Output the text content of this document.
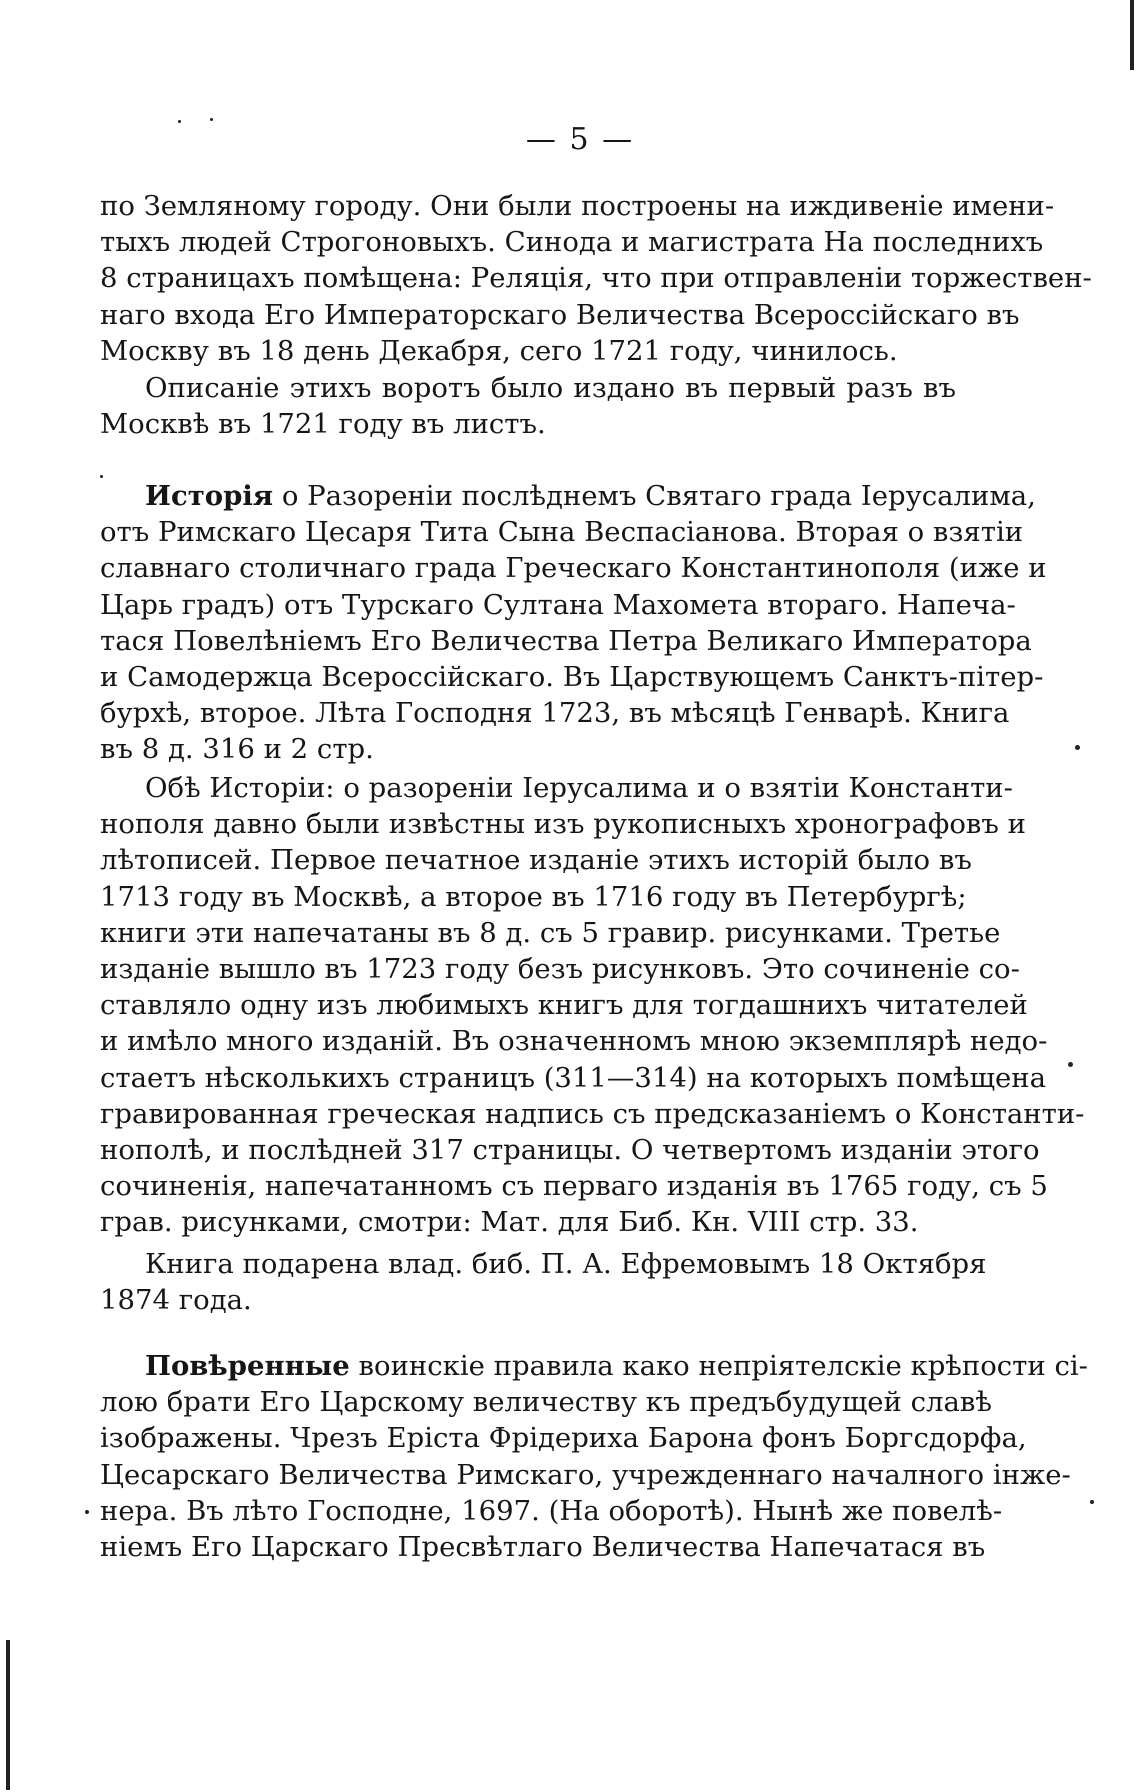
— 5 —
по Земляному городу. Они были построены на иждивеніе имени-
тыхъ людей Строгоновыхъ. Синода и магистрата На последнихъ
8 страницахъ помѣщена: Реляція, что при отправленіи торжествен-
наго входа Его Императорскаго Величества Всероссійскаго въ
Москву въ 18 день Декабря, сего 1721 году, чинилось.
Описаніе этихъ воротъ было издано въ первый разъ въ
Москвѣ въ 1721 году въ листъ.
Исторія о Разореніи послѣднемъ Святаго града Іерусалима,
отъ Римскаго Цесаря Тита Сына Веспасіанова. Вторая о взятіи
славнаго столичнаго града Греческаго Константинополя (иже и
Царь градъ) отъ Турскаго Султана Махомета втораго. Напеча-
тася Повелѣніемъ Его Величества Петра Великаго Императора
и Самодержца Всероссійскаго. Въ Царствующемъ Санктъ-пітер-
бурхѣ, второе. Лѣта Господня 1723, въ мѣсяцѣ Генварѣ. Книга
въ 8 д. 316 и 2 стр.
Обѣ Исторіи: о разореніи Іерусалима и о взятіи Константи-
нополя давно были извѣстны изъ рукописныхъ хронографовъ и
лѣтописей. Первое печатное изданіе этихъ исторій было въ
1713 году въ Москвѣ, а второе въ 1716 году въ Петербургѣ;
книги эти напечатаны въ 8 д. съ 5 гравир. рисунками. Третье
изданіе вышло въ 1723 году безъ рисунковъ. Это сочиненіе со-
ставляло одну изъ любимыхъ книгъ для тогдашнихъ читателей
и имѣло много изданій. Въ означенномъ мною экземплярѣ недо-
стаетъ нѣсколькихъ страницъ (311—314) на которыхъ помѣщена
гравированная греческая надпись съ предсказаніемъ о Константи-
нополѣ, и послѣдней 317 страницы. О четвертомъ изданіи этого
сочиненія, напечатанномъ съ перваго изданія въ 1765 году, съ 5
грав. рисунками, смотри: Мат. для Биб. Кн. VIII стр. 33.
Книга подарена влад. биб. П. А. Ефремовымъ 18 Октября
1874 года.
Повѣренные воинскіе правила како непріятелскіе крѣпости сі-
лою брати Его Царскому величеству къ предъбудущей славѣ
ізображены. Чрезъ Еріста Фрідериха Барона фонъ Боргсдорфа,
Цесарскаго Величества Римскаго, учрежденнаго началного інже-
нера. Въ лѣто Господне, 1697. (На оборотѣ). Нынѣ же повелѣ-
ніемъ Его Царскаго Пресвѣтлаго Величества Напечатася въ
